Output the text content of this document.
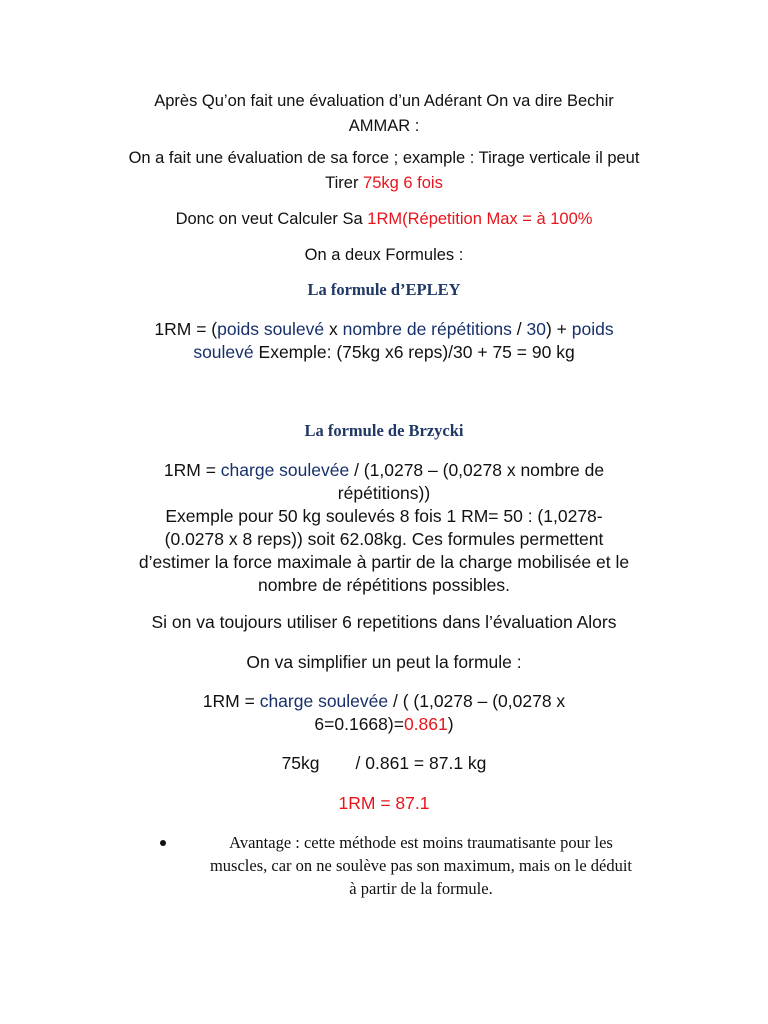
Après Qu’on fait une évaluation d’un Adérant On va dire Bechir
AMMAR :
On a fait une évaluation de sa force ; example : Tirage verticale il peut
Tirer 75kg 6 fois
Donc on veut Calculer Sa 1RM(Répetition Max = à 100%
On a deux Formules :
La formule d’EPLEY
1RM = (poids soulevé x nombre de répétitions / 30) + poids
soulevé Exemple: (75kg x6 reps)/30 + 75 = 90 kg
La formule de Brzycki
1RM = charge soulevée / (1,0278 – (0,0278 x nombre de
répétitions))
Exemple pour 50 kg soulevés 8 fois 1 RM= 50 : (1,0278-
(0.0278 x 8 reps)) soit 62.08kg. Ces formules permettent
d’estimer la force maximale à partir de la charge mobilisée et le
nombre de répétitions possibles.
Si on va toujours utiliser 6 repetitions dans l’évaluation Alors
On va simplifier un peut la formule :
1RM = charge soulevée / ( (1,0278 – (0,0278 x
6=0.1668)=0.861)
75kg / 0.861 = 87.1 kg
1RM = 87.1
Avantage : cette méthode est moins traumatisante pour les
muscles, car on ne soulève pas son maximum, mais on le déduit
à partir de la formule.
